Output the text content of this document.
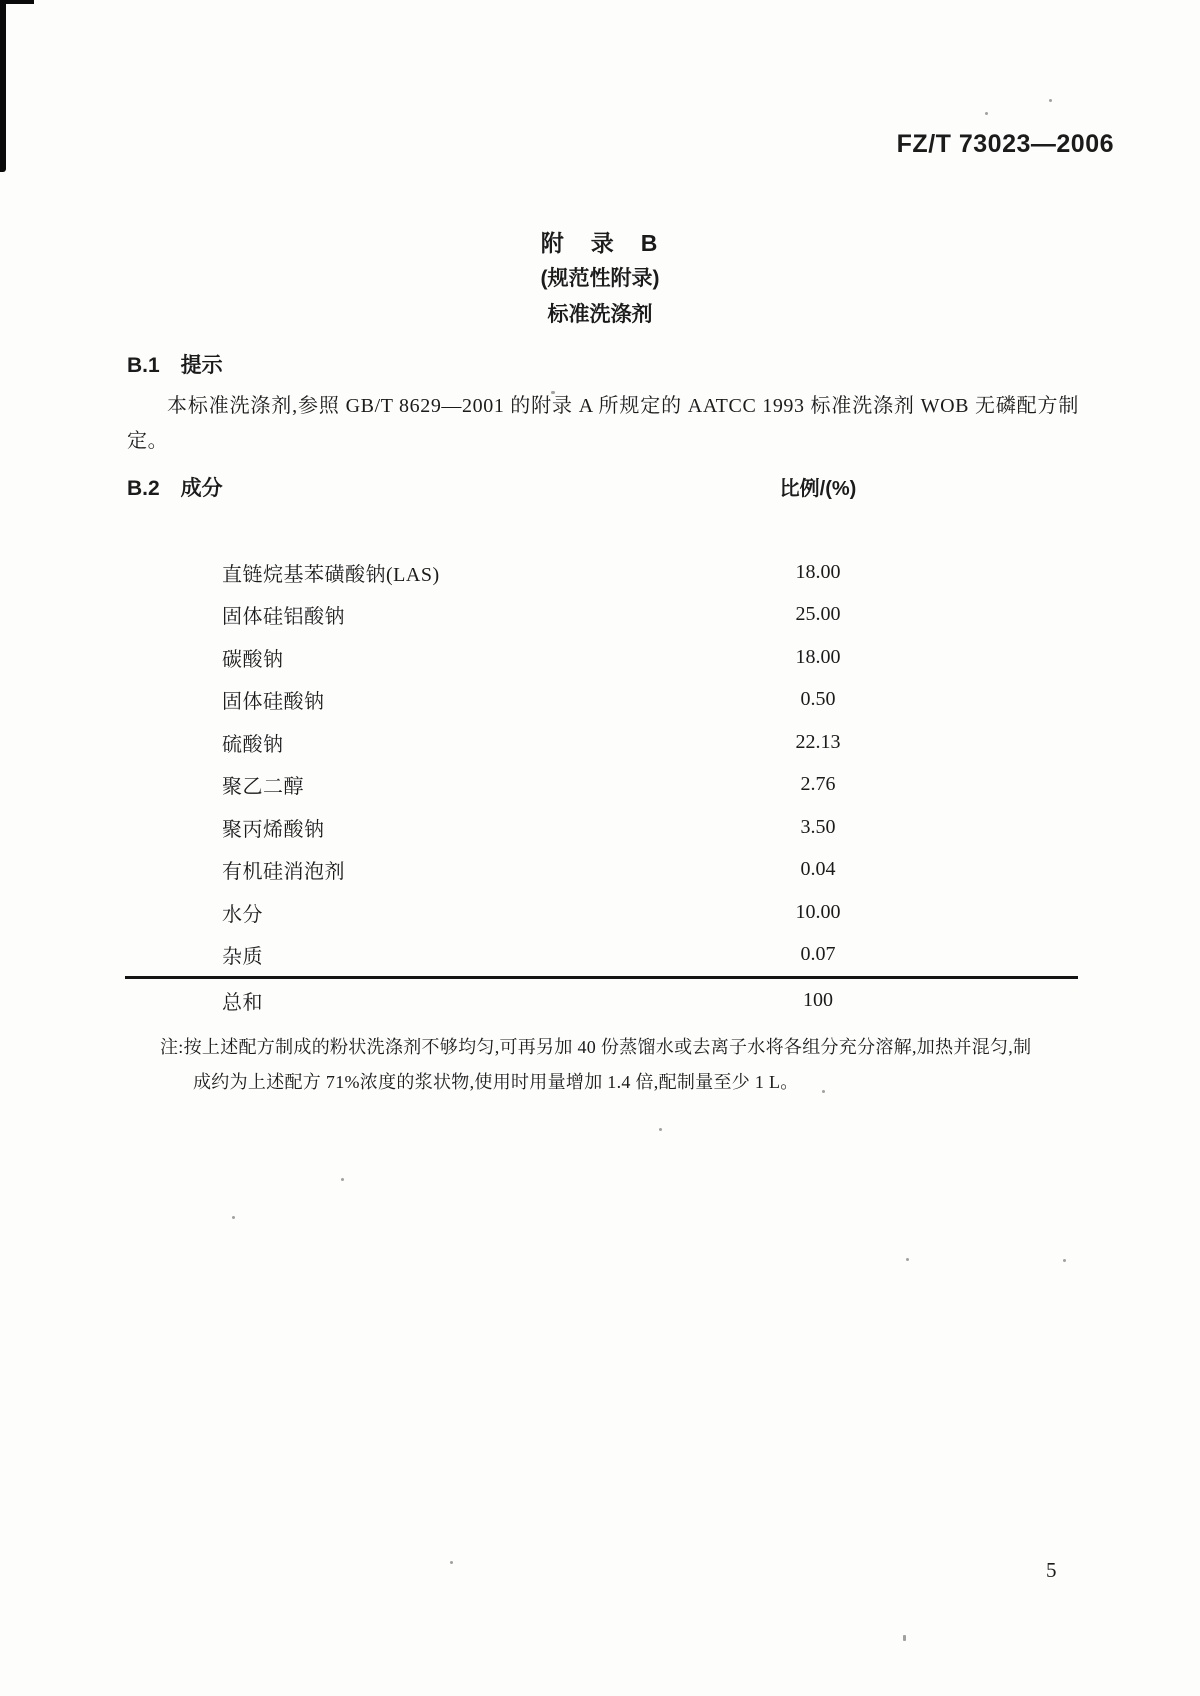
FZ/T 73023—2006
附　录　B
(规范性附录)
标准洗涤剂
B.1　提示

本标准洗涤剂,参照 GB/T 8629—2001 的附录 A 所规定的 AATCC 1993 标准洗涤剂 WOB 无磷配方制定。

B.2　成分	比例/(%)
直链烷基苯磺酸钠(LAS)	18.00
固体硅铝酸钠	25.00
碳酸钠	18.00
固体硅酸钠	0.50
硫酸钠	22.13
聚乙二醇	2.76
聚丙烯酸钠	3.50
有机硅消泡剂	0.04
水分	10.00
杂质	0.07
总和	100
注:按上述配方制成的粉状洗涤剂不够均匀,可再另加 40 份蒸馏水或去离子水将各组分充分溶解,加热并混匀,制
成约为上述配方 71%浓度的浆状物,使用时用量增加 1.4 倍,配制量至少 1 L。
5
